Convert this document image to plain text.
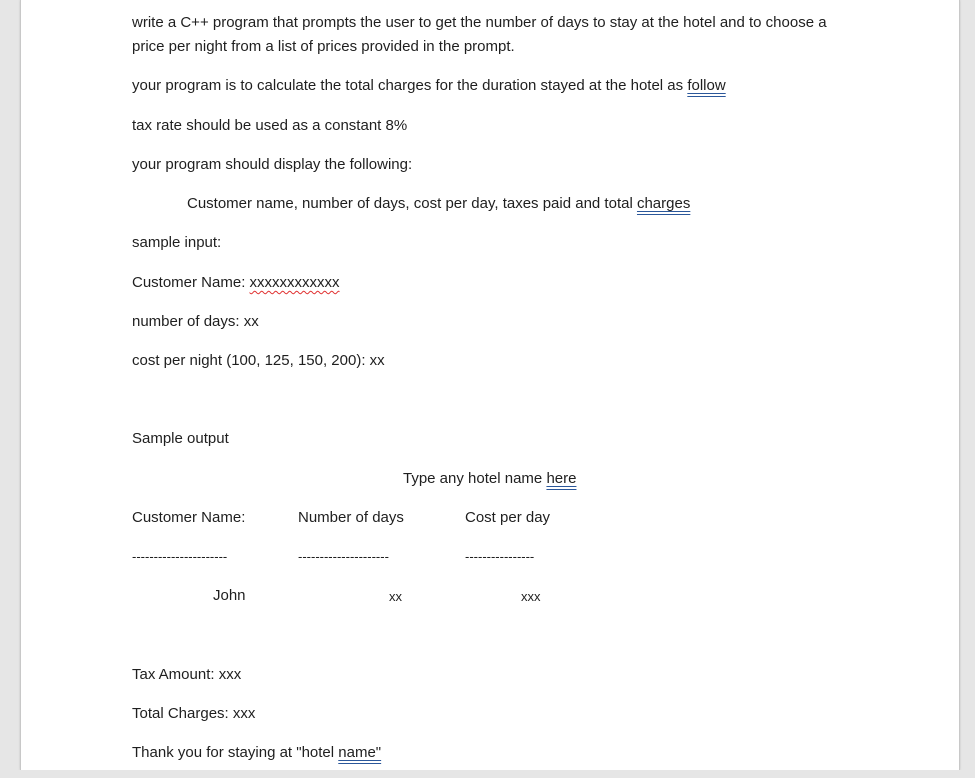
write a C++ program that prompts the user to get the number of days to stay at the hotel and to choose a price per night from a list of prices provided in the prompt.
your program is to calculate the total charges for the duration stayed at the hotel as follow
tax rate should be used as a constant 8%
your program should display the following:
Customer name, number of days, cost per day, taxes paid and total charges
sample input:
Customer Name: xxxxxxxxxxxx
number of days: xx
cost per night (100, 125, 150, 200): xx
Sample output
Type any hotel name here
Customer Name:	Number of days	Cost per day
----------------------	---------------------	----------------
John	xx	xxx
Tax Amount: xxx
Total Charges: xxx
Thank you for staying at "hotel name"
